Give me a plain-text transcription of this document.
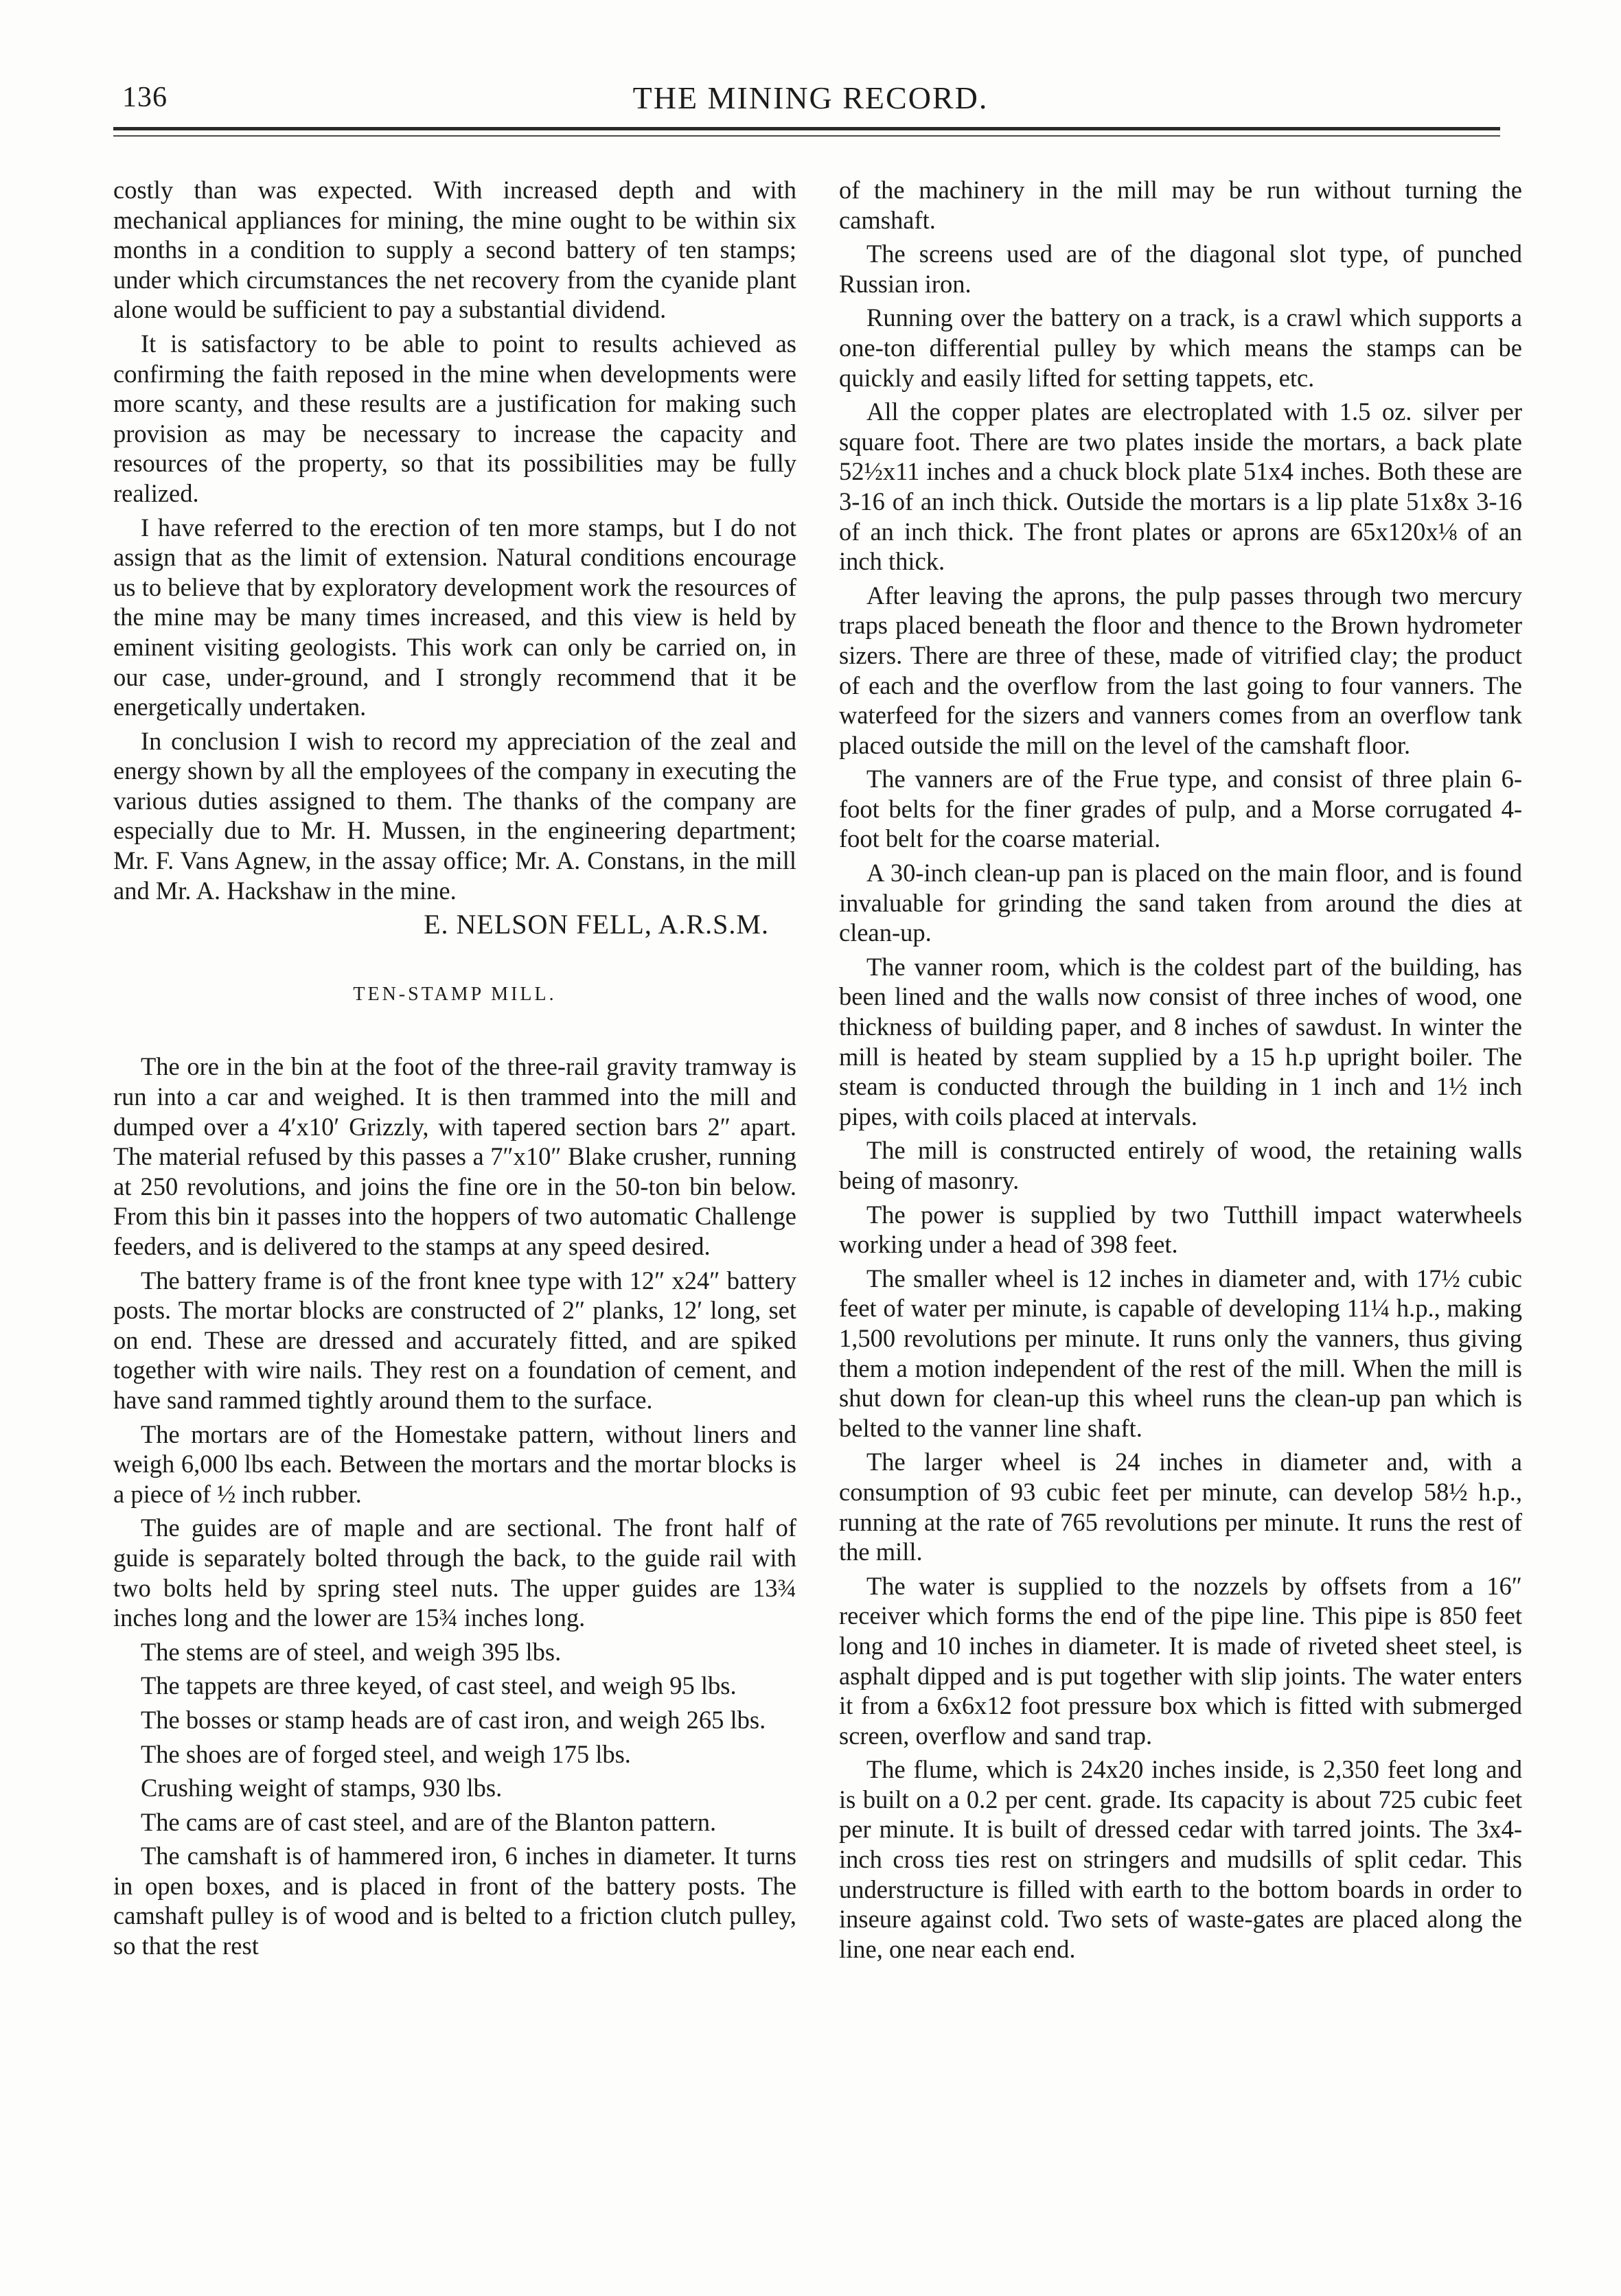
136	THE MINING RECORD.

costly than was expected. With increased depth and with mechanical appliances for mining, the mine ought to be within six months in a condition to supply a second battery of ten stamps; under which circumstances the net recovery from the cyanide plant alone would be sufficient to pay a substantial dividend.

It is satisfactory to be able to point to results achieved as confirming the faith reposed in the mine when developments were more scanty, and these results are a justification for making such provision as may be necessary to increase the capacity and resources of the property, so that its possibilities may be fully realized.

I have referred to the erection of ten more stamps, but I do not assign that as the limit of extension. Natural conditions encourage us to believe that by exploratory development work the resources of the mine may be many times increased, and this view is held by eminent visiting geologists. This work can only be carried on, in our case, under-ground, and I strongly recommend that it be energetically undertaken.

In conclusion I wish to record my appreciation of the zeal and energy shown by all the employees of the company in executing the various duties assigned to them. The thanks of the company are especially due to Mr. H. Mussen, in the engineering department; Mr. F. Vans Agnew, in the assay office; Mr. A. Constans, in the mill and Mr. A. Hackshaw in the mine.

E. NELSON FELL, A.R.S.M.
TEN-STAMP MILL.

The ore in the bin at the foot of the three-rail gravity tramway is run into a car and weighed. It is then trammed into the mill and dumped over a 4′x10′ Grizzly, with tapered section bars 2″ apart. The material refused by this passes a 7″x10″ Blake crusher, running at 250 revolutions, and joins the fine ore in the 50-ton bin below. From this bin it passes into the hoppers of two automatic Challenge feeders, and is delivered to the stamps at any speed desired.

The battery frame is of the front knee type with 12″ x24″ battery posts. The mortar blocks are constructed of 2″ planks, 12′ long, set on end. These are dressed and accurately fitted, and are spiked together with wire nails. They rest on a foundation of cement, and have sand rammed tightly around them to the surface.

The mortars are of the Homestake pattern, without liners and weigh 6,000 lbs each. Between the mortars and the mortar blocks is a piece of ½ inch rubber.

The guides are of maple and are sectional. The front half of guide is separately bolted through the back, to the guide rail with two bolts held by spring steel nuts. The upper guides are 13¾ inches long and the lower are 15¾ inches long.

The stems are of steel, and weigh 395 lbs.

The tappets are three keyed, of cast steel, and weigh 95 lbs.

The bosses or stamp heads are of cast iron, and weigh 265 lbs.

The shoes are of forged steel, and weigh 175 lbs.

Crushing weight of stamps, 930 lbs.

The cams are of cast steel, and are of the Blanton pattern.

The camshaft is of hammered iron, 6 inches in diameter. It turns in open boxes, and is placed in front of the battery posts. The camshaft pulley is of wood and is belted to a friction clutch pulley, so that the rest

of the machinery in the mill may be run without turning the camshaft.

The screens used are of the diagonal slot type, of punched Russian iron.

Running over the battery on a track, is a crawl which supports a one-ton differential pulley by which means the stamps can be quickly and easily lifted for setting tappets, etc.

All the copper plates are electroplated with 1.5 oz. silver per square foot. There are two plates inside the mortars, a back plate 52½x11 inches and a chuck block plate 51x4 inches. Both these are 3-16 of an inch thick. Outside the mortars is a lip plate 51x8x 3-16 of an inch thick. The front plates or aprons are 65x120x⅛ of an inch thick.

After leaving the aprons, the pulp passes through two mercury traps placed beneath the floor and thence to the Brown hydrometer sizers. There are three of these, made of vitrified clay; the product of each and the overflow from the last going to four vanners. The waterfeed for the sizers and vanners comes from an overflow tank placed outside the mill on the level of the camshaft floor.

The vanners are of the Frue type, and consist of three plain 6-foot belts for the finer grades of pulp, and a Morse corrugated 4-foot belt for the coarse material.

A 30-inch clean-up pan is placed on the main floor, and is found invaluable for grinding the sand taken from around the dies at clean-up.

The vanner room, which is the coldest part of the building, has been lined and the walls now consist of three inches of wood, one thickness of building paper, and 8 inches of sawdust. In winter the mill is heated by steam supplied by a 15 h.p upright boiler. The steam is conducted through the building in 1 inch and 1½ inch pipes, with coils placed at intervals.

The mill is constructed entirely of wood, the retaining walls being of masonry.

The power is supplied by two Tutthill impact waterwheels working under a head of 398 feet.

The smaller wheel is 12 inches in diameter and, with 17½ cubic feet of water per minute, is capable of developing 11¼ h.p., making 1,500 revolutions per minute. It runs only the vanners, thus giving them a motion independent of the rest of the mill. When the mill is shut down for clean-up this wheel runs the clean-up pan which is belted to the vanner line shaft.

The larger wheel is 24 inches in diameter and, with a consumption of 93 cubic feet per minute, can develop 58½ h.p., running at the rate of 765 revolutions per minute. It runs the rest of the mill.

The water is supplied to the nozzels by offsets from a 16″ receiver which forms the end of the pipe line. This pipe is 850 feet long and 10 inches in diameter. It is made of riveted sheet steel, is asphalt dipped and is put together with slip joints. The water enters it from a 6x6x12 foot pressure box which is fitted with submerged screen, overflow and sand trap.

The flume, which is 24x20 inches inside, is 2,350 feet long and is built on a 0.2 per cent. grade. Its capacity is about 725 cubic feet per minute. It is built of dressed cedar with tarred joints. The 3x4-inch cross ties rest on stringers and mudsills of split cedar. This understructure is filled with earth to the bottom boards in order to inseure against cold. Two sets of waste-gates are placed along the line, one near each end.
